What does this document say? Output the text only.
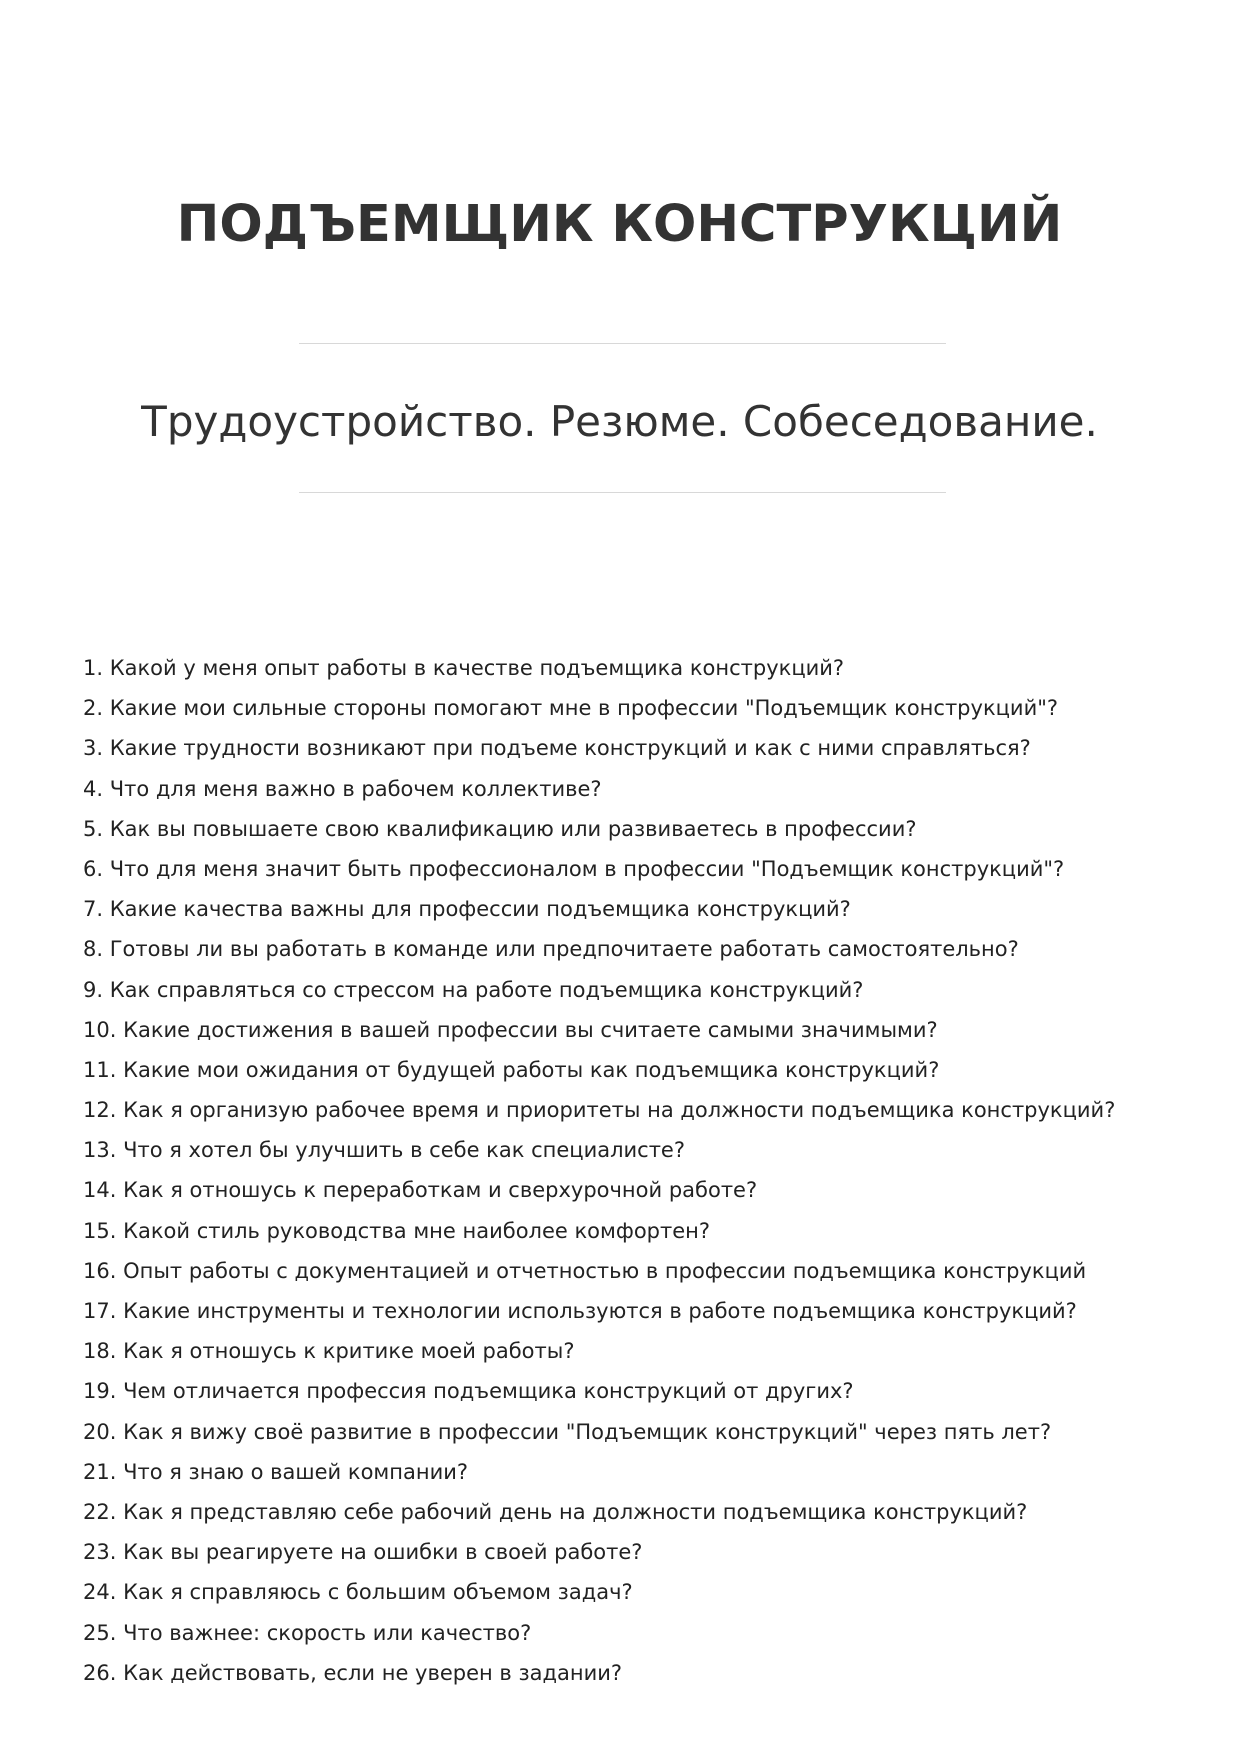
ПОДЪЕМЩИК КОНСТРУКЦИЙ
Трудоустройство. Резюме. Собеседование.
1. Какой у меня опыт работы в качестве подъемщика конструкций?
2. Какие мои сильные стороны помогают мне в профессии "Подъемщик конструкций"?
3. Какие трудности возникают при подъеме конструкций и как с ними справляться?
4. Что для меня важно в рабочем коллективе?
5. Как вы повышаете свою квалификацию или развиваетесь в профессии?
6. Что для меня значит быть профессионалом в профессии "Подъемщик конструкций"?
7. Какие качества важны для профессии подъемщика конструкций?
8. Готовы ли вы работать в команде или предпочитаете работать самостоятельно?
9. Как справляться со стрессом на работе подъемщика конструкций?
10. Какие достижения в вашей профессии вы считаете самыми значимыми?
11. Какие мои ожидания от будущей работы как подъемщика конструкций?
12. Как я организую рабочее время и приоритеты на должности подъемщика конструкций?
13. Что я хотел бы улучшить в себе как специалисте?
14. Как я отношусь к переработкам и сверхурочной работе?
15. Какой стиль руководства мне наиболее комфортен?
16. Опыт работы с документацией и отчетностью в профессии подъемщика конструкций
17. Какие инструменты и технологии используются в работе подъемщика конструкций?
18. Как я отношусь к критике моей работы?
19. Чем отличается профессия подъемщика конструкций от других?
20. Как я вижу своё развитие в профессии "Подъемщик конструкций" через пять лет?
21. Что я знаю о вашей компании?
22. Как я представляю себе рабочий день на должности подъемщика конструкций?
23. Как вы реагируете на ошибки в своей работе?
24. Как я справляюсь с большим объемом задач?
25. Что важнее: скорость или качество?
26. Как действовать, если не уверен в задании?
